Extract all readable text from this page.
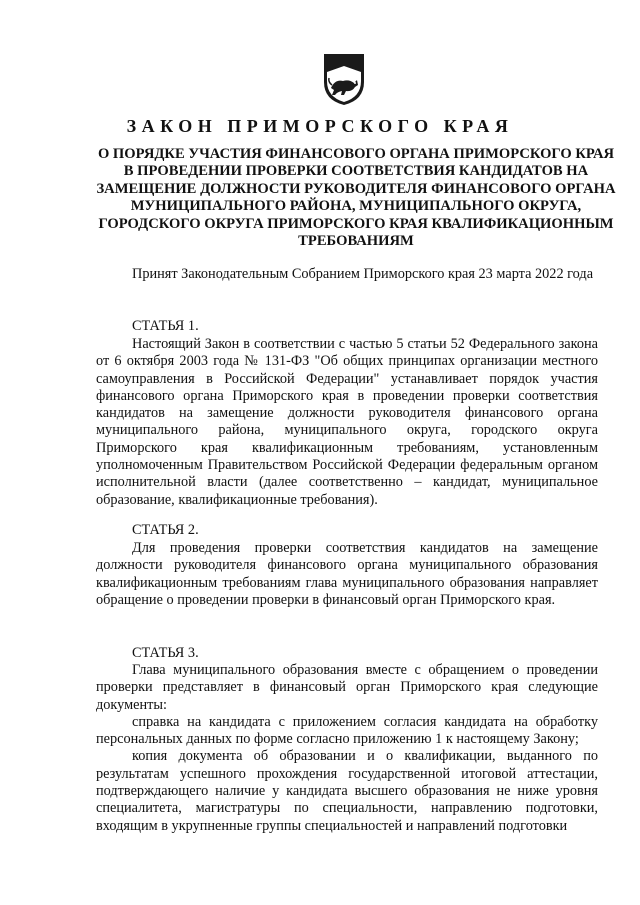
ЗАКОН ПРИМОРСКОГО КРАЯ

О ПОРЯДКЕ УЧАСТИЯ ФИНАНСОВОГО ОРГАНА ПРИМОРСКОГО КРАЯ В ПРОВЕДЕНИИ ПРОВЕРКИ СООТВЕТСТВИЯ КАНДИДАТОВ НА ЗАМЕЩЕНИЕ ДОЛЖНОСТИ РУКОВОДИТЕЛЯ ФИНАНСОВОГО ОРГАНА МУНИЦИПАЛЬНОГО РАЙОНА, МУНИЦИПАЛЬНОГО ОКРУГА, ГОРОДСКОГО ОКРУГА ПРИМОРСКОГО КРАЯ КВАЛИФИКАЦИОННЫМ ТРЕБОВАНИЯМ

Принят Законодательным Собранием Приморского края 23 марта 2022 года

СТАТЬЯ 1.

Настоящий Закон в соответствии с частью 5 статьи 52 Федерального закона от 6 октября 2003 года № 131-ФЗ "Об общих принципах организации местного самоуправления в Российской Федерации" устанавливает порядок участия финансового органа Приморского края в проведении проверки соответствия кандидатов на замещение должности руководителя финансового органа муниципального района, муниципального округа, городского округа Приморского края квалификационным требованиям, установленным уполномоченным Правительством Российской Федерации федеральным органом исполнительной власти (далее соответственно – кандидат, муниципальное образование, квалификационные требования).

СТАТЬЯ 2.

Для проведения проверки соответствия кандидатов на замещение должности руководителя финансового органа муниципального образования квалификационным требованиям глава муниципального образования направляет обращение о проведении проверки в финансовый орган Приморского края.

СТАТЬЯ 3.

Глава муниципального образования вместе с обращением о проведении проверки представляет в финансовый орган Приморского края следующие документы:

справка на кандидата с приложением согласия кандидата на обработку персональных данных по форме согласно приложению 1 к настоящему Закону;

копия документа об образовании и о квалификации, выданного по результатам успешного прохождения государственной итоговой аттестации, подтверждающего наличие у кандидата высшего образования не ниже уровня специалитета, магистратуры по специальности, направлению подготовки, входящим в укрупненные группы специальностей и направлений подготовки
